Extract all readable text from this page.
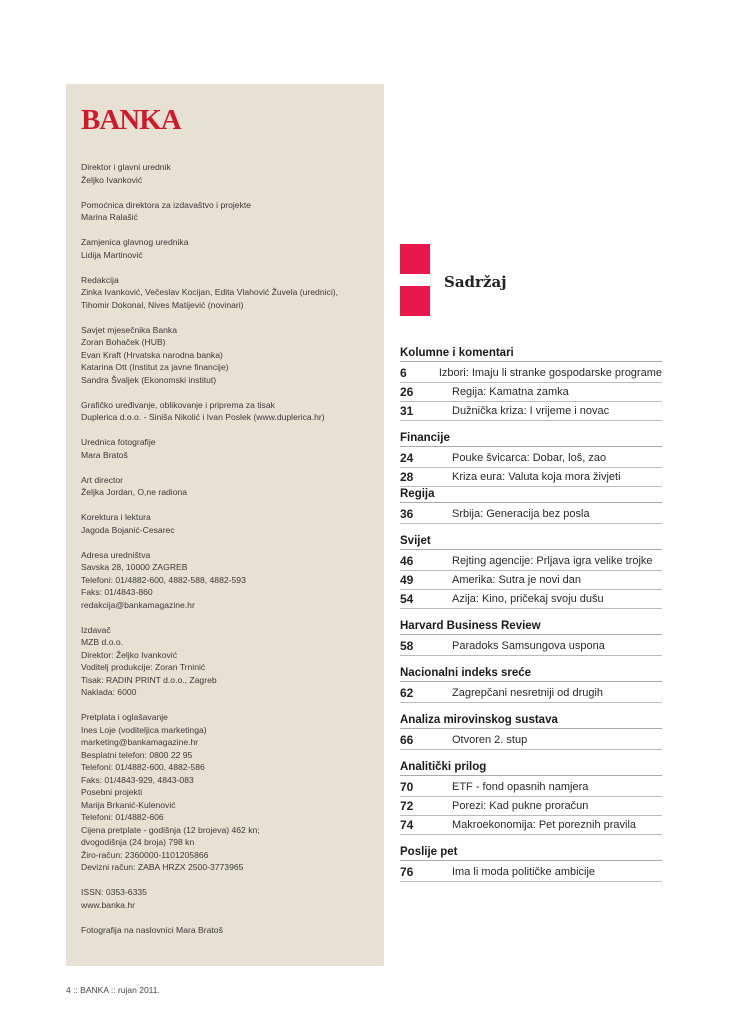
BANKA
Direktor i glavni urednik
Željko Ivanković
Pomoćnica direktora za izdavaštvo i projekte
Marina Ralašić
Zamjenica glavnog urednika
Lidija Martinović
Redakcija
Zinka Ivanković, Večeslav Kocijan, Edita Vlahović Žuvela (urednici),
Tihomir Dokonal, Nives Matijević (novinari)
Savjet mjesečnika Banka
Zoran Bohaček (HUB)
Evan Kraft (Hrvatska narodna banka)
Katarina Ott (Institut za javne financije)
Sandra Švaljek (Ekonomski institut)
Grafičko uređivanje, oblikovanje i priprema za tisak
Duplerica d.o.o. - Siniša Nikolić i Ivan Poslek (www.duplerica.hr)
Urednica fotografije
Mara Bratoš
Art director
Željka Jordan, O,ne radiona
Korektura i lektura
Jagoda Bojanić-Cesarec
Adresa uredništva
Savska 28, 10000 ZAGREB
Telefoni: 01/4882-600, 4882-588, 4882-593
Faks: 01/4843-860
redakcija@bankamagazine.hr
Izdavač
MZB d.o.o.
Direktor: Željko Ivanković
Voditelj produkcije: Zoran Trninić
Tisak: RADIN PRINT d.o.o., Zagreb
Naklada: 6000
Pretplata i oglašavanje
Ines Loje (voditeljica marketinga)
marketing@bankamagazine.hr
Besplatni telefon: 0800 22 95
Telefoni: 01/4882-600, 4882-586
Faks: 01/4843-929, 4843-083
Posebni projekti
Marija Brkanić-Kulenović
Telefoni: 01/4882-606
Cijena pretplate - godišnja (12 brojeva) 462 kn;
dvogodišnja (24 broja) 798 kn
Žiro-račun: 2360000-1101205866
Devizni račun: ZABA HRZX 2500-3773965
ISSN: 0353-6335
www.banka.hr
Fotografija na naslovnici Mara Bratoš
Sadržaj
Kolumne i komentari
6	Izbori: Imaju li stranke gospodarske programe
26	Regija: Kamatna zamka
31	Dužnička kriza: I vrijeme i novac
Financije
24	Pouke švicarca: Dobar, loš, zao
28	Kriza eura: Valuta koja mora živjeti
Regija
36	Srbija: Generacija bez posla
Svijet
46	Rejting agencije: Prljava igra velike trojke
49	Amerika: Sutra je novi dan
54	Azija: Kino, pričekaj svoju dušu
Harvard Business Review
58	Paradoks Samsungova uspona
Nacionalni indeks sreće
62	Zagrepčani nesretniji od drugih
Analiza mirovinskog sustava
66	Otvoren 2. stup
Analitički prilog
70	ETF - fond opasnih namjera
72	Porezi: Kad pukne proračun
74	Makroekonomija: Pet poreznih pravila
Poslije pet
76	Ima li moda političke ambicije
4 :: BANKA :: rujan 2011.
